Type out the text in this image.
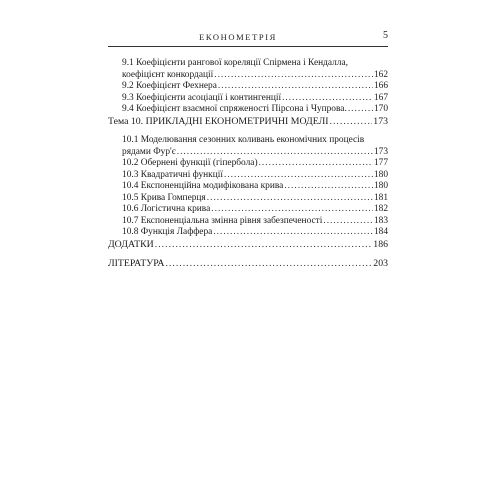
ЕКОНОМЕТРІЯ	5
9.1 Коефіцієнти рангової кореляції Спірмена і Кендалла,
коефіцієнт конкордації .....	162
9.2 Коефіцієнт Фехнера .....	166
9.3 Коефіцієнти асоціації і контингенції .....	167
9.4 Коефіцієнт взаємної спряженості Пірсона і Чупрова. .....	170
Тема 10. ПРИКЛАДНІ ЕКОНОМЕТРИЧНІ МОДЕЛІ .....	173
10.1 Моделювання сезонних коливань економічних процесів
рядами Фур'є .....	173
10.2 Обернені функції (гіпербола) .....	177
10.3 Квадратичні функції .....	180
10.4 Експоненційна модифікована крива .....	180
10.5 Крива Гомперця .....	181
10.6 Логістична крива .....	182
10.7 Експоненціальна змінна рівня забезпеченості .....	183
10.8 Функція Лаффера .....	184
ДОДАТКИ .....	186
ЛІТЕРАТУРА .....	203
